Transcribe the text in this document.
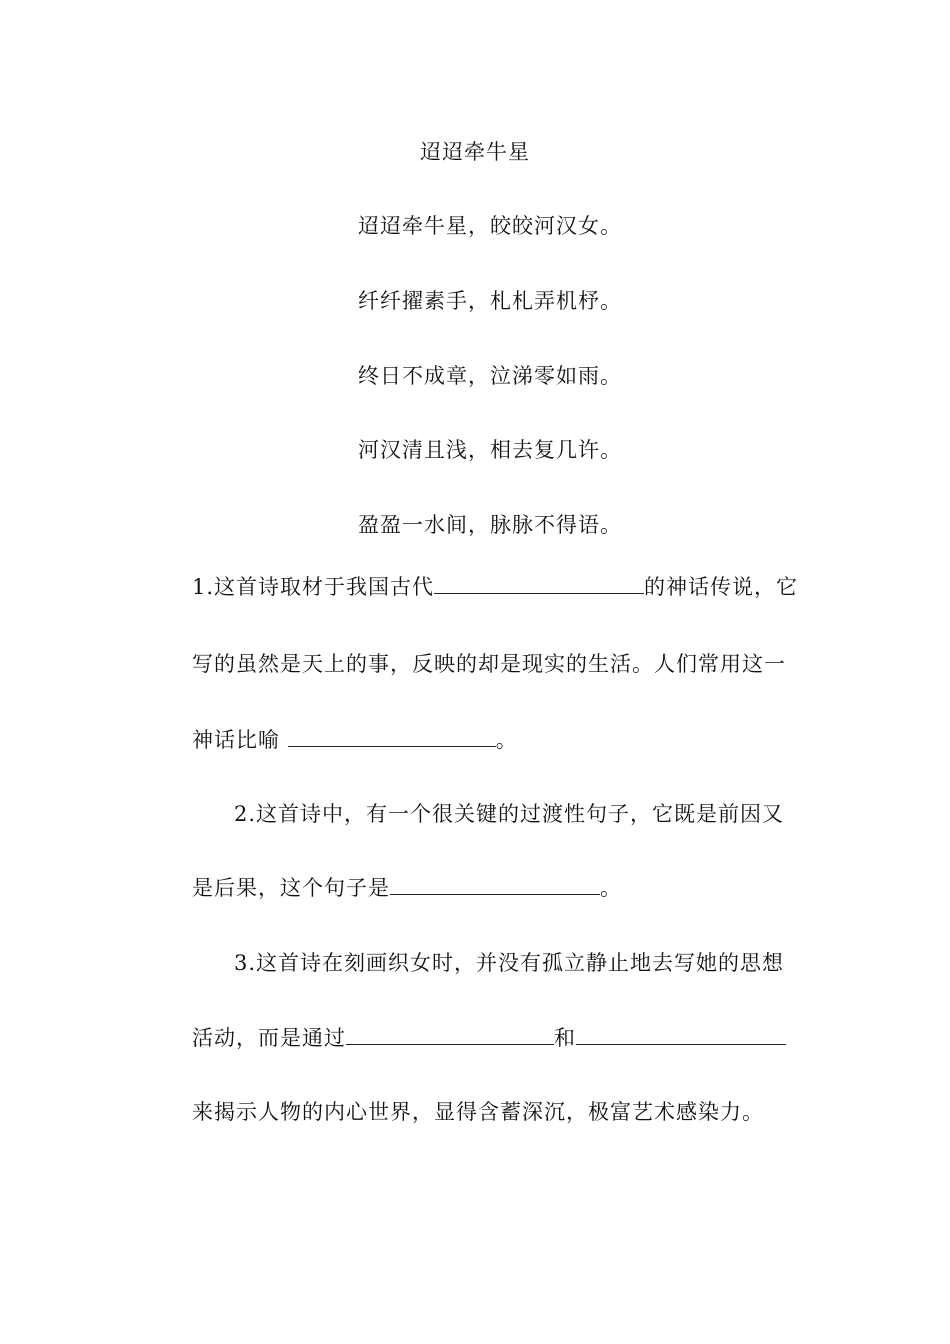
迢迢牵牛星
迢迢牵牛星，皎皎河汉女。
纤纤擢素手，札札弄机杼。
终日不成章，泣涕零如雨。
河汉清且浅，相去复几许。
盈盈一水间，脉脉不得语。
1.这首诗取材于我国古代	的神话传说，它
写的虽然是天上的事，反映的却是现实的生活。人们常用这一
神话比喻	。
2.这首诗中，有一个很关键的过渡性句子，它既是前因又
是后果，这个句子是	。
3.这首诗在刻画织女时，并没有孤立静止地去写她的思想
活动，而是通过	和
来揭示人物的内心世界，显得含蓄深沉，极富艺术感染力。
